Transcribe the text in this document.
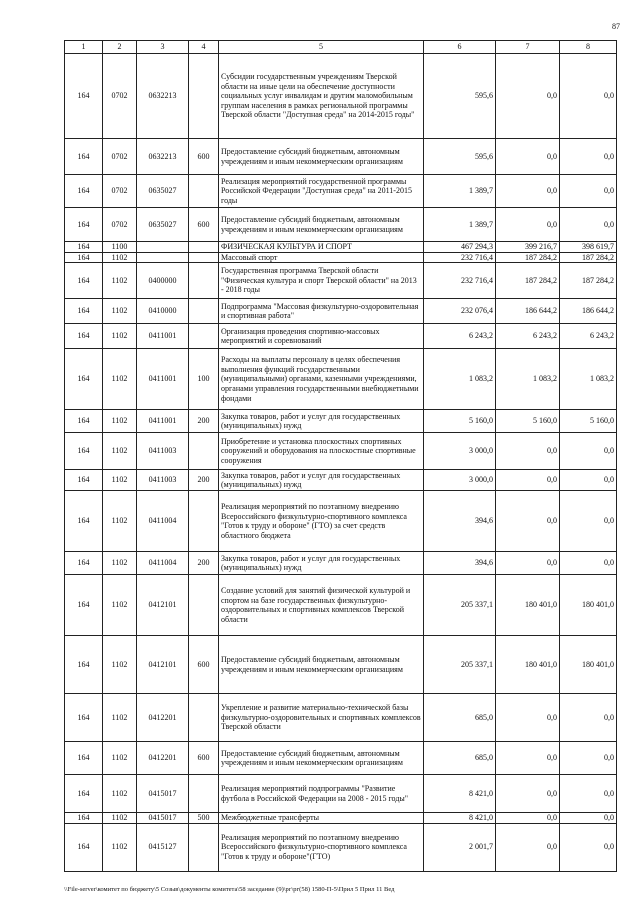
87
1	2	3	4	5	6	7	8
164	0702	0632213		Субсидии государственным учреждениям Тверской области на иные цели на обеспечение доступности социальных услуг инвалидам и другим маломобильным группам населения в рамках региональной программы Тверской области "Доступная среда" на 2014-2015 годы"	595,6	0,0	0,0
164	0702	0632213	600	Предоставление субсидий бюджетным, автономным учреждениям и иным некоммерческим организациям	595,6	0,0	0,0
164	0702	0635027		Реализация мероприятий государственной программы Российской Федерации "Доступная среда" на 2011-2015 годы	1 389,7	0,0	0,0
164	0702	0635027	600	Предоставление субсидий бюджетным, автономным учреждениям и иным некоммерческим организациям	1 389,7	0,0	0,0
164	1100			ФИЗИЧЕСКАЯ КУЛЬТУРА И СПОРТ	467 294,3	399 216,7	398 619,7
164	1102			Массовый спорт	232 716,4	187 284,2	187 284,2
164	1102	0400000		Государственная программа Тверской области "Физическая культура и спорт Тверской области" на 2013 - 2018 годы	232 716,4	187 284,2	187 284,2
164	1102	0410000		Подпрограмма "Массовая физкультурно-оздоровительная и спортивная работа"	232 076,4	186 644,2	186 644,2
164	1102	0411001		Организация проведения спортивно-массовых мероприятий и соревнований	6 243,2	6 243,2	6 243,2
164	1102	0411001	100	Расходы на выплаты персоналу в целях обеспечения выполнения функций государственными (муниципальными) органами, казенными учреждениями, органами управления государственными внебюджетными фондами	1 083,2	1 083,2	1 083,2
164	1102	0411001	200	Закупка товаров, работ и услуг для государственных (муниципальных) нужд	5 160,0	5 160,0	5 160,0
164	1102	0411003		Приобретение и установка плоскостных спортивных сооружений и оборудования на плоскостные спортивные сооружения	3 000,0	0,0	0,0
164	1102	0411003	200	Закупка товаров, работ и услуг для государственных (муниципальных) нужд	3 000,0	0,0	0,0
164	1102	0411004		Реализация мероприятий по поэтапному внедрению Всероссийского физкультурно-спортивного комплекса "Готов к труду и обороне" (ГТО) за счет средств областного бюджета	394,6	0,0	0,0
164	1102	0411004	200	Закупка товаров, работ и услуг для государственных (муниципальных) нужд	394,6	0,0	0,0
164	1102	0412101		Создание условий для занятий физической культурой и спортом на базе государственных физкультурно-оздоровительных и спортивных комплексов Тверской области	205 337,1	180 401,0	180 401,0
164	1102	0412101	600	Предоставление субсидий бюджетным, автономным учреждениям и иным некоммерческим организациям	205 337,1	180 401,0	180 401,0
164	1102	0412201		Укрепление и развитие материально-технической базы физкультурно-оздоровительных и спортивных комплексов Тверской области	685,0	0,0	0,0
164	1102	0412201	600	Предоставление субсидий бюджетным, автономным учреждениям и иным некоммерческим организациям	685,0	0,0	0,0
164	1102	0415017		Реализация мероприятий подпрограммы "Развитие футбола в Российской Федерации на 2008 - 2015 годы"	8 421,0	0,0	0,0
164	1102	0415017	500	Межбюджетные трансферты	8 421,0	0,0	0,0
164	1102	0415127		Реализация мероприятий по поэтапному внедрению Всероссийского физкультурно-спортивного комплекса "Готов к труду и обороне"(ГТО)	2 001,7	0,0	0,0
\\File-server\комитет по бюджету\5 Созыв\документы комитета\58 заседание (9)\рг\рг(58) 1580-П-5\Прил 5 Прил 11 Вед
